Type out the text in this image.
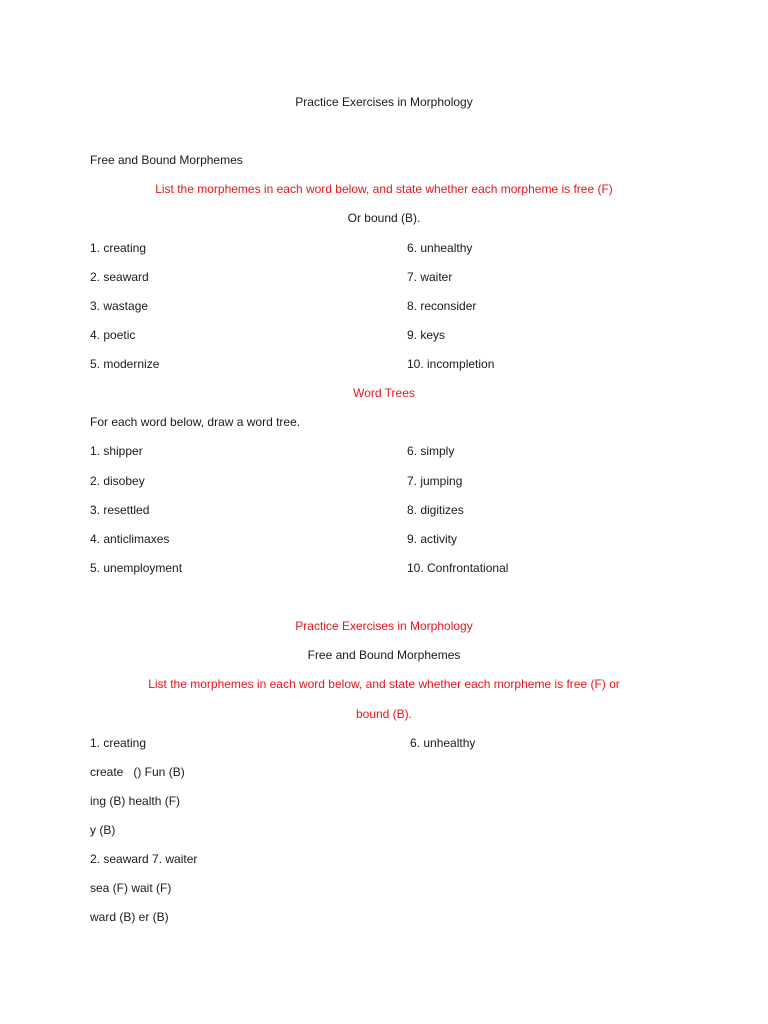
Practice Exercises in Morphology
Free and Bound Morphemes
List the morphemes in each word below, and state whether each morpheme is free (F)
Or bound (B).
1. creating
2. seaward
3. wastage
4. poetic
5. modernize
6. unhealthy
7. waiter
8. reconsider
9. keys
10. incompletion
Word Trees
For each word below, draw a word tree.
1. shipper
2. disobey
3. resettled
4. anticlimaxes
5. unemployment
6. simply
7. jumping
8. digitizes
9. activity
10. Confrontational
Practice Exercises in Morphology
Free and Bound Morphemes
List the morphemes in each word below, and state whether each morpheme is free (F) or
bound (B).
1. creating	6. unhealthy
create   () Fun (B)
ing (B) health (F)
y (B)
2. seaward 7. waiter
sea (F) wait (F)
ward (B) er (B)
